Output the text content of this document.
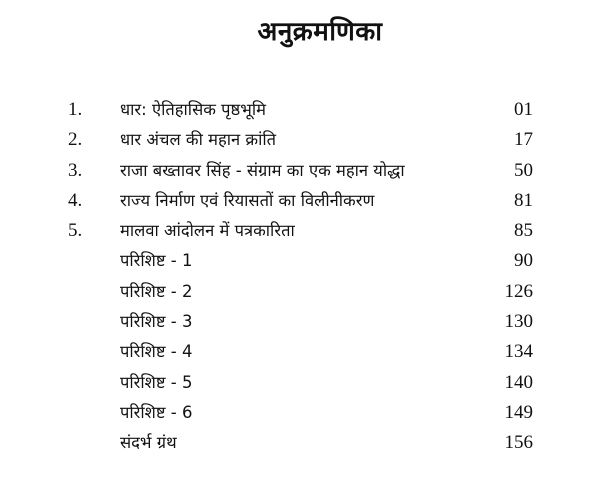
अनुक्रमणिका
1. धार: ऐतिहासिक पृष्ठभूमि	01
2. धार अंचल की महान क्रांति	17
3. राजा बख्तावर सिंह - संग्राम का एक महान योद्धा	50
4. राज्य निर्माण एवं रियासतों का विलीनीकरण	81
5. मालवा आंदोलन में पत्रकारिता	85
परिशिष्ट - 1	90
परिशिष्ट - 2	126
परिशिष्ट - 3	130
परिशिष्ट - 4	134
परिशिष्ट - 5	140
परिशिष्ट - 6	149
संदर्भ ग्रंथ	156
